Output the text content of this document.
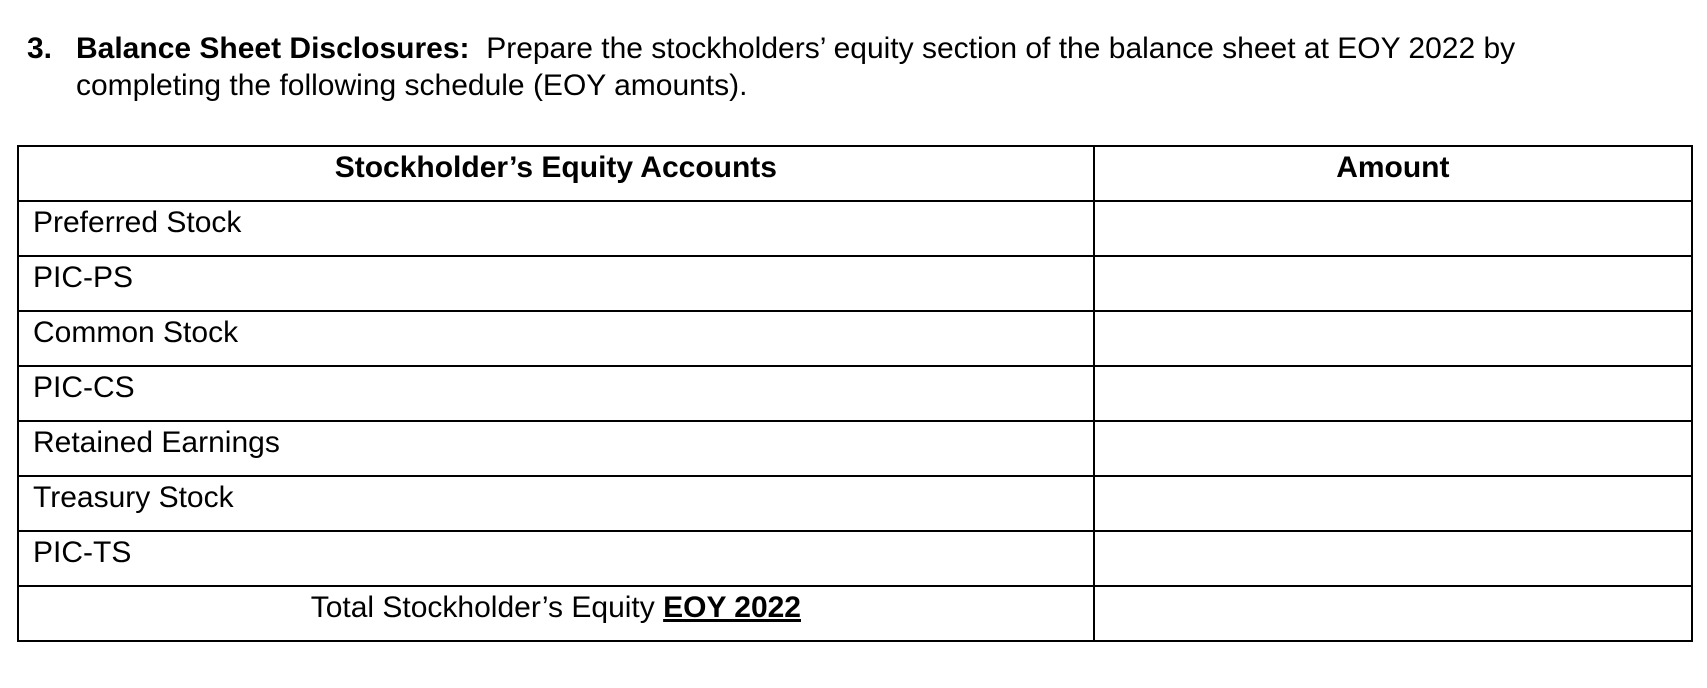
3. Balance Sheet Disclosures: Prepare the stockholders’ equity section of the balance sheet at EOY 2022 by completing the following schedule (EOY amounts).
Stockholder’s Equity Accounts	Amount
Preferred Stock	
PIC-PS	
Common Stock	
PIC-CS	
Retained Earnings	
Treasury Stock	
PIC-TS	
Total Stockholder’s Equity EOY 2022	
